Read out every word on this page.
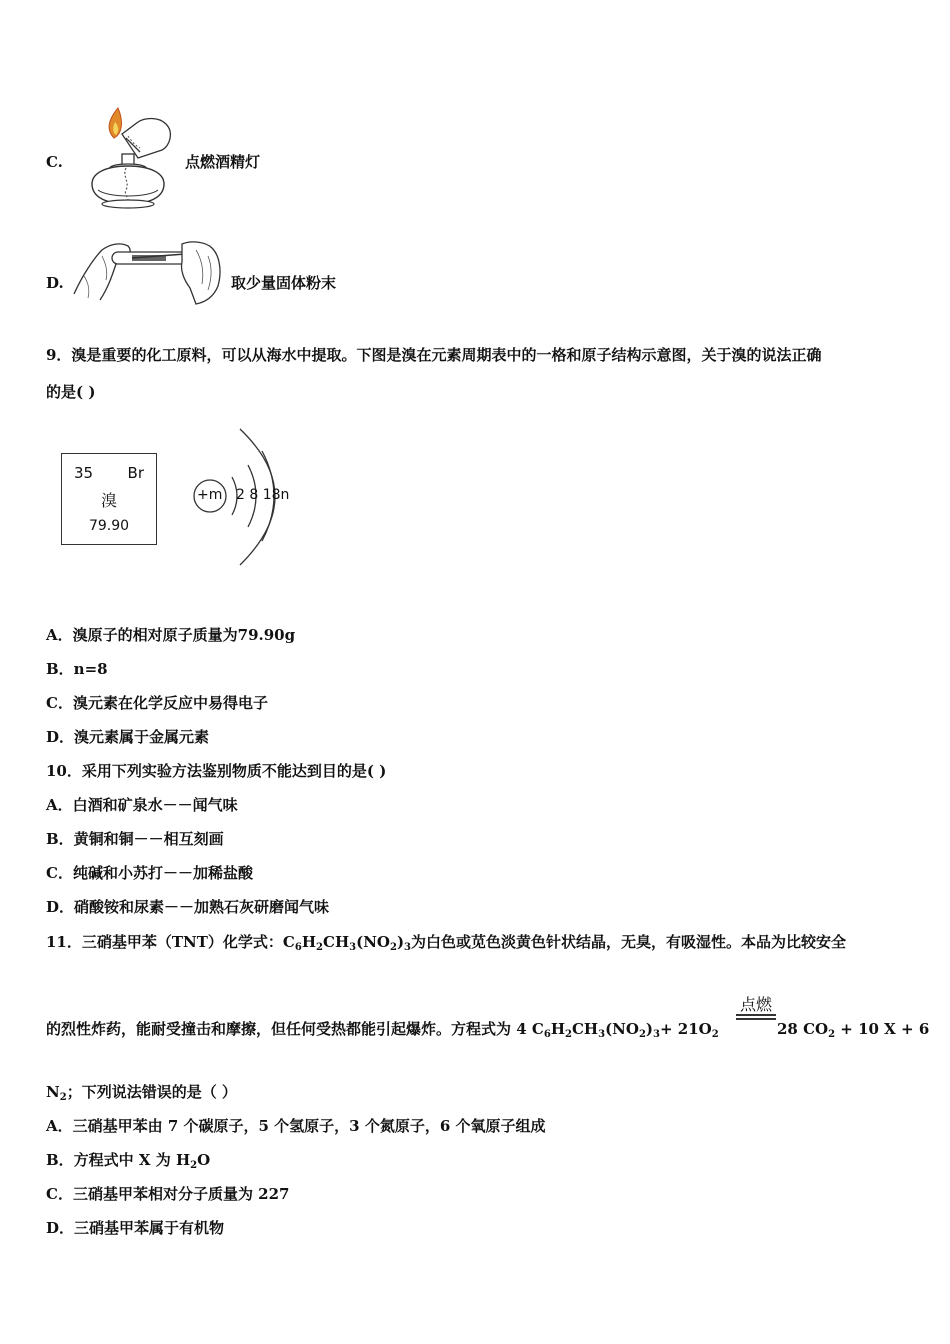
C.	点燃酒精灯
D.	取少量固体粉末
9．溴是重要的化工原料，可以从海水中提取。下图是溴在元素周期表中的一格和原子结构示意图，关于溴的说法正确
的是( )
35 Br
溴
79.90
+m 2 8 18n
A．溴原子的相对原子质量为79.90g
B．n=8
C．溴元素在化学反应中易得电子
D．溴元素属于金属元素
10．采用下列实验方法鉴别物质不能达到目的是( )
A．白酒和矿泉水－－闻气味
B．黄铜和铜－－相互刻画
C．纯碱和小苏打－－加稀盐酸
D．硝酸铵和尿素－－加熟石灰研磨闻气味
11．三硝基甲苯（TNT）化学式：$C_6H_2CH_3(NO_2)_3$为白色或苋色淡黄色针状结晶，无臭，有吸湿性。本品为比较安全
点燃
的烈性炸药，能耐受撞击和摩擦，但任何受热都能引起爆炸。方程式为 4 $C_6H_2CH_3(NO_2)_3+ 21O_2$	28 $CO_2 + 10$ X + 6
$N_2$；下列说法错误的是（ ）
A．三硝基甲苯由 7 个碳原子，5 个氢原子，3 个氮原子，6 个氧原子组成
B．方程式中 X 为 $H_2O$
C．三硝基甲苯相对分子质量为 227
D．三硝基甲苯属于有机物
